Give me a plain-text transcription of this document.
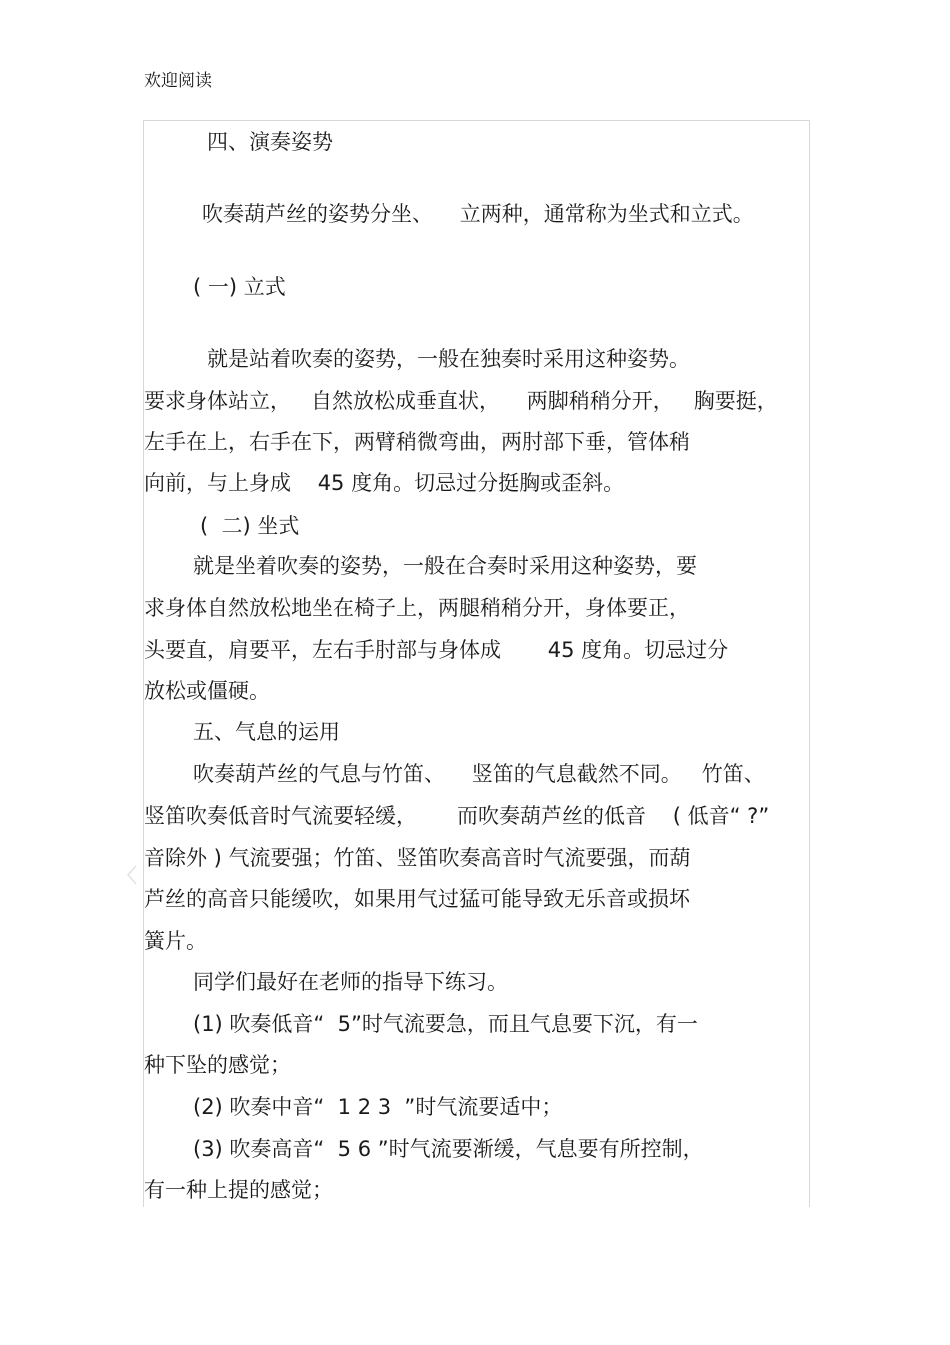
欢迎阅读
四、演奏姿势
吹奏葫芦丝的姿势分坐、    立两种，通常称为坐式和立式。
( 一) 立式
就是站着吹奏的姿势，一般在独奏时采用这种姿势。
要求身体站立，   自然放松成垂直状，    两脚稍稍分开，   胸要挺，
左手在上，右手在下，两臂稍微弯曲，两肘部下垂，管体稍
向前，与上身成    45 度角。切忌过分挺胸或歪斜。
(  二) 坐式
就是坐着吹奏的姿势，一般在合奏时采用这种姿势，要
求身体自然放松地坐在椅子上，两腿稍稍分开，身体要正，
头要直，肩要平，左右手肘部与身体成       45 度角。切忌过分
放松或僵硬。
五、气息的运用
吹奏葫芦丝的气息与竹笛、    竖笛的气息截然不同。   竹笛、
竖笛吹奏低音时气流要轻缓，      而吹奏葫芦丝的低音    ( 低音“ ?”
音除外 ) 气流要强；竹笛、竖笛吹奏高音时气流要强，而葫
芦丝的高音只能缓吹，如果用气过猛可能导致无乐音或损坏
簧片。
同学们最好在老师的指导下练习。
(1) 吹奏低音“  5”时气流要急，而且气息要下沉，有一
种下坠的感觉；
(2) 吹奏中音“  1 2 3  ”时气流要适中；
(3) 吹奏高音“  5 6 ”时气流要渐缓，气息要有所控制，
有一种上提的感觉；
